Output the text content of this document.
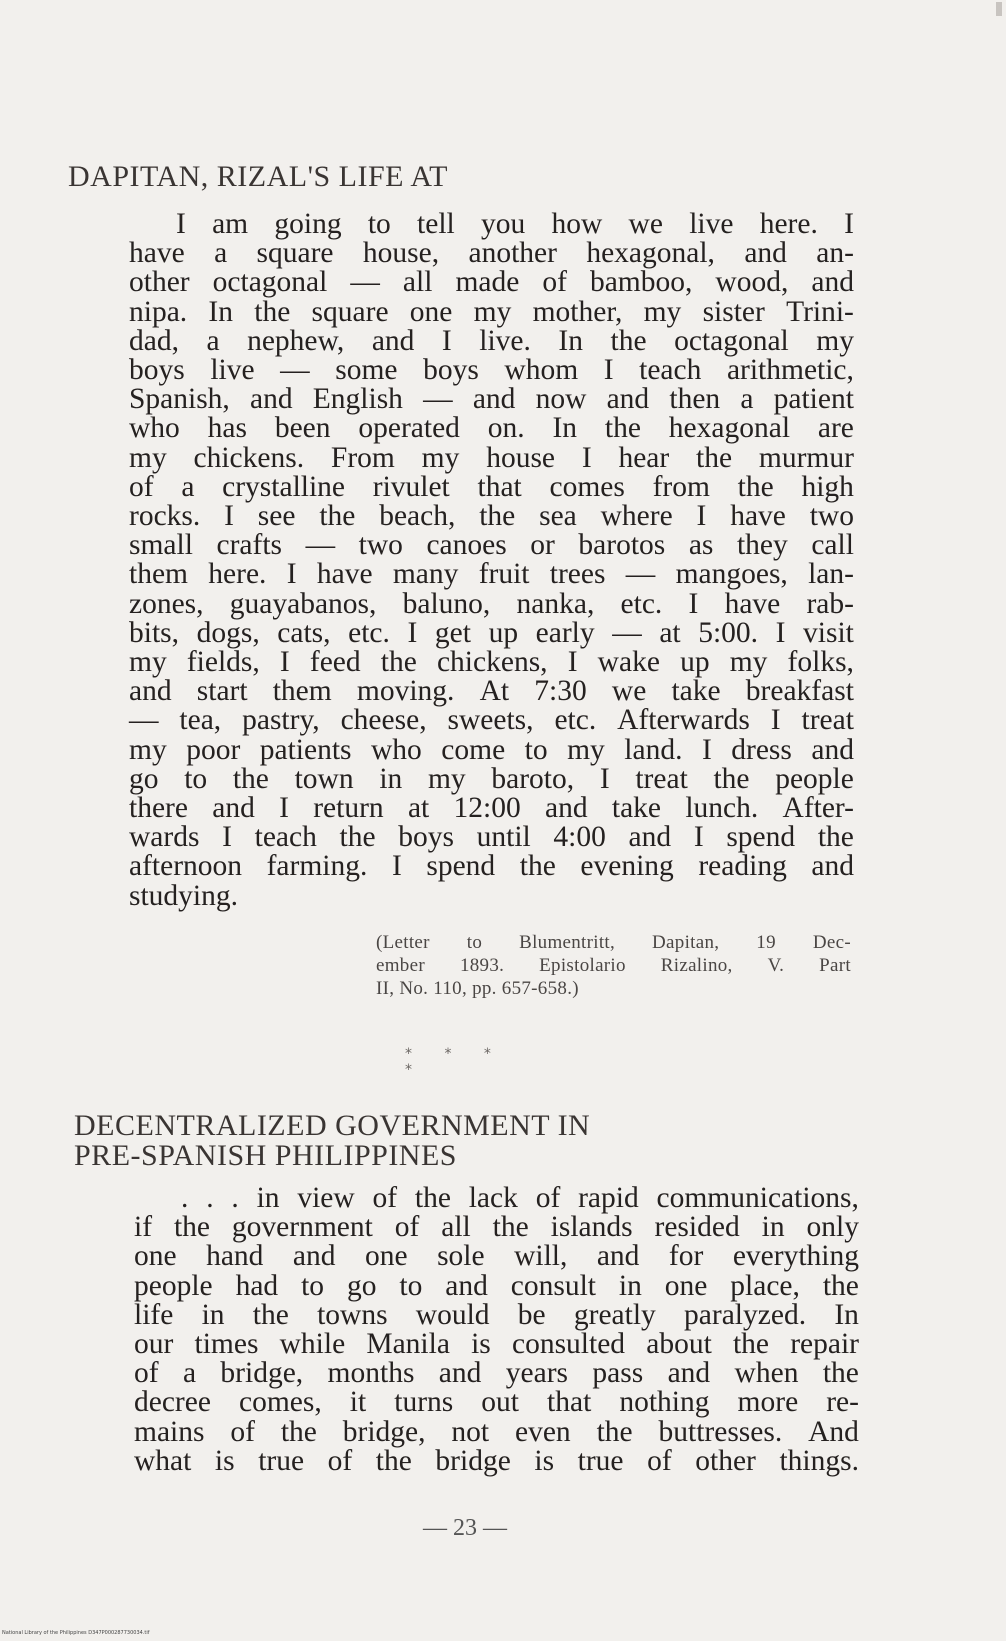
DAPITAN, RIZAL'S LIFE AT
I am going to tell you how we live here. I
have a square house, another hexagonal, and an-
other octagonal — all made of bamboo, wood, and
nipa. In the square one my mother, my sister Trini-
dad, a nephew, and I live. In the octagonal my
boys live — some boys whom I teach arithmetic,
Spanish, and English — and now and then a patient
who has been operated on. In the hexagonal are
my chickens. From my house I hear the murmur
of a crystalline rivulet that comes from the high
rocks. I see the beach, the sea where I have two
small crafts — two canoes or barotos as they call
them here. I have many fruit trees — mangoes, lan-
zones, guayabanos, baluno, nanka, etc. I have rab-
bits, dogs, cats, etc. I get up early — at 5:00. I visit
my fields, I feed the chickens, I wake up my folks,
and start them moving. At 7:30 we take breakfast
— tea, pastry, cheese, sweets, etc. Afterwards I treat
my poor patients who come to my land. I dress and
go to the town in my baroto, I treat the people
there and I return at 12:00 and take lunch. After-
wards I teach the boys until 4:00 and I spend the
afternoon farming. I spend the evening reading and
studying.
(Letter to Blumentritt, Dapitan, 19 Dec-
ember 1893. Epistolario Rizalino, V. Part
II, No. 110, pp. 657-658.)
* * * *
DECENTRALIZED GOVERNMENT IN
PRE-SPANISH PHILIPPINES
. . . in view of the lack of rapid communications,
if the government of all the islands resided in only
one hand and one sole will, and for everything
people had to go to and consult in one place, the
life in the towns would be greatly paralyzed. In
our times while Manila is consulted about the repair
of a bridge, months and years pass and when the
decree comes, it turns out that nothing more re-
mains of the bridge, not even the buttresses. And
what is true of the bridge is true of other things.
— 23 —
National Library of the Philippines D347P000287730034.tif
